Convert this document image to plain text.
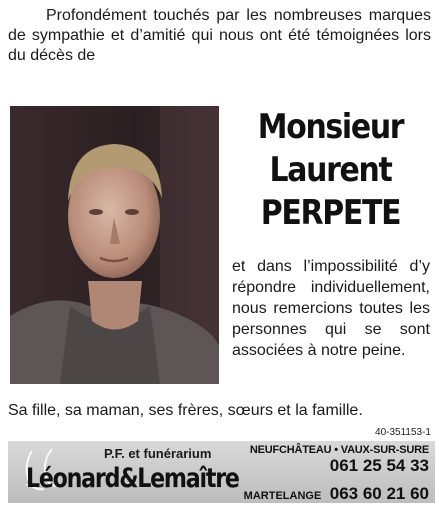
Profondément touchés par les nombreuses marques de sympathie et d’amitié qui nous ont été témoignées lors du décès de
Monsieur
Laurent
PERPETE
et dans l’impossibilité d’y répondre individuellement, nous remercions toutes les personnes qui se sont associées à notre peine.
Sa fille, sa maman, ses frères, sœurs et la famille.
40-351153-1
P.F. et funérarium
Léonard&Lemaître
NEUFCHÂTEAU • VAUX-SUR-SURE
061 25 54 33
MARTELANGE 063 60 21 60
